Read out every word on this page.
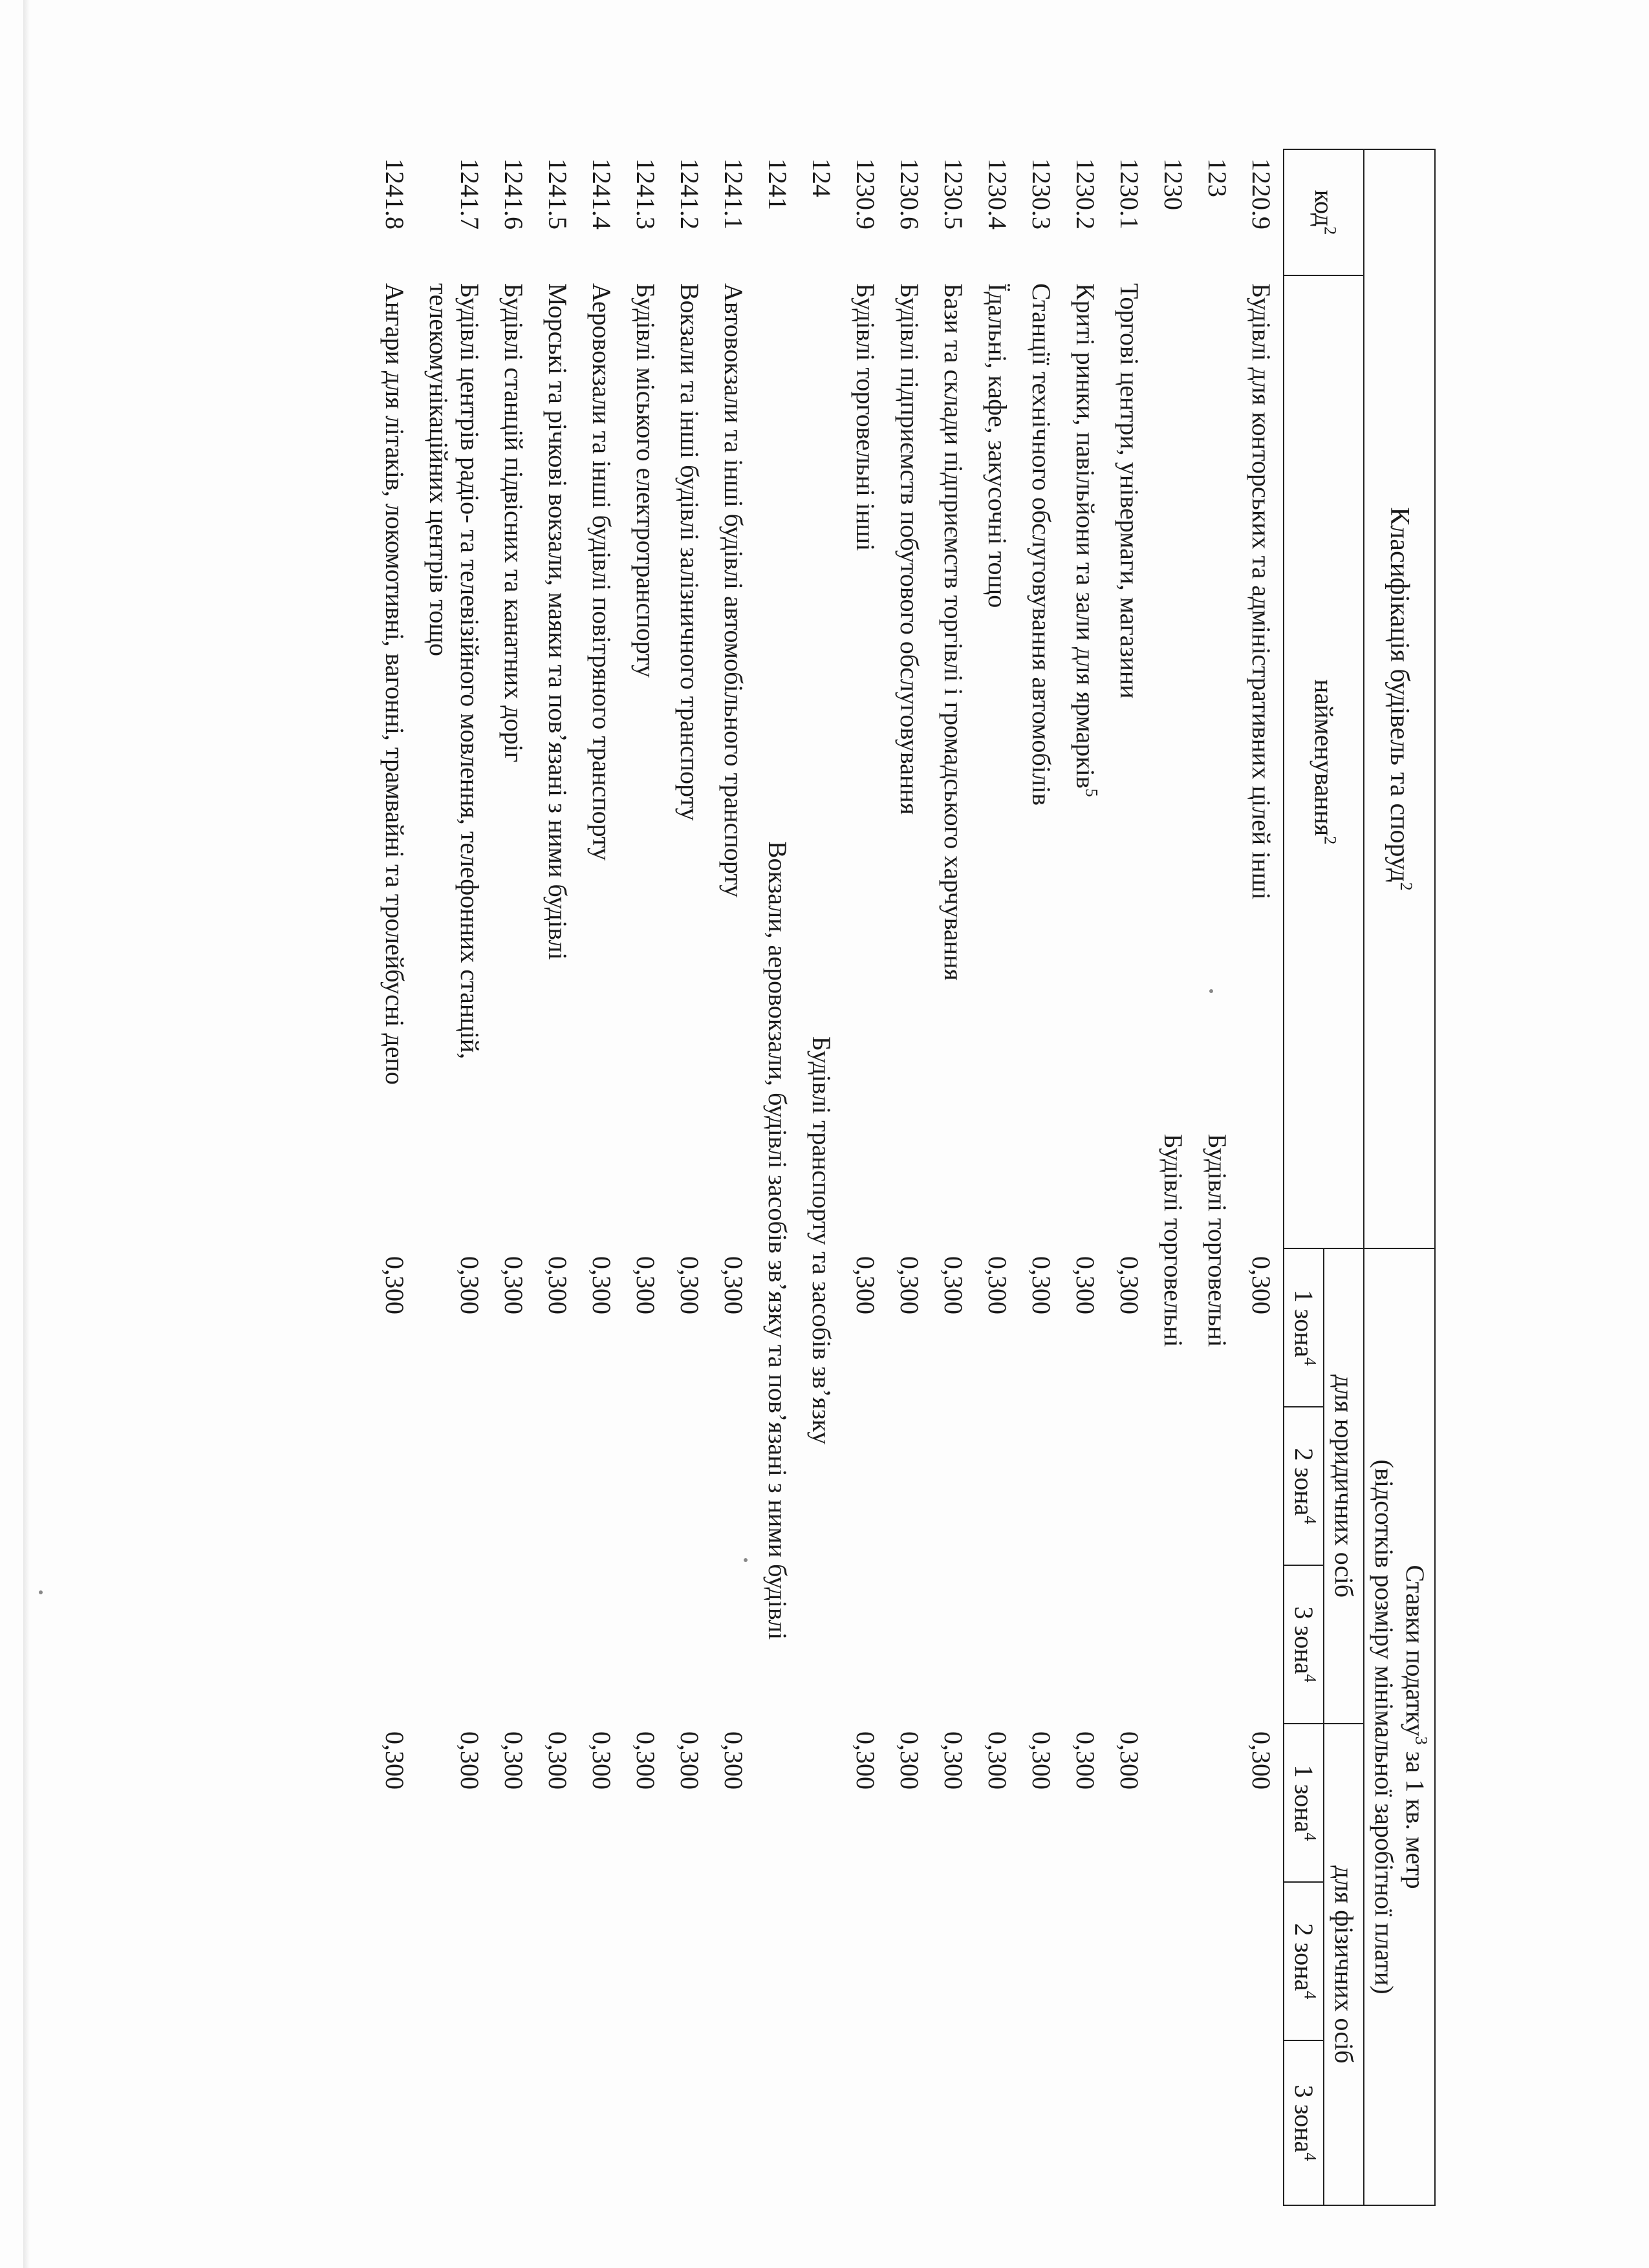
Класифікація будівель та споруд$^2$		Ставки податку$^3$ за 1 кв. метр
(відсотків розміру мінімальної заробітної плати)					

код$^2$	найменування$^2$	для юридичних осіб			для фізичних осіб		
		1 зона$^4$	2 зона$^4$	3 зона$^4$	1 зона$^4$	2 зона$^4$	3 зона$^4$
1220.9	Будівлі для конторських та адміністративних цілей інші	0,300			0,300		
123	Будівлі торговельні						
1230	Будівлі торговельні						
1230.1	Торгові центри, універмаги, магазини	0,300			0,300		
1230.2	Криті ринки, павільйони та зали для ярмарків$^5$	0,300			0,300		
1230.3	Станції технічного обслуговування автомобілів	0,300			0,300		
1230.4	Їдальні, кафе, закусочні тощо	0,300			0,300		
1230.5	Бази та склади підприємств торгівлі і громадського харчування	0,300			0,300		
1230.6	Будівлі підприємств побутового обслуговування	0,300			0,300		
1230.9	Будівлі торговельні інші	0,300			0,300		
124	Будівлі транспорту та засобів зв’язку						
1241	Вокзали, аеровокзали, будівлі засобів зв’язку та пов’язані з ними будівлі						
1241.1	Автовокзали та інші будівлі автомобільного транспорту	0,300			0,300		
1241.2	Вокзали та інші будівлі залізничного транспорту	0,300			0,300		
1241.3	Будівлі міського електротранспорту	0,300			0,300		
1241.4	Аеровокзали та інші будівлі повітряного транспорту	0,300			0,300		
1241.5	Морські та річкові вокзали, маяки та пов’язані з ними будівлі	0,300			0,300		
1241.6	Будівлі станцій підвісних та канатних доріг	0,300			0,300		
1241.7	Будівлі центрів радіо- та телевізійного мовлення, телефонних станцій, телекомунікаційних центрів тощо	0,300			0,300		
1241.8	Ангари для літаків, локомотивні, вагонні, трамвайні та тролейбусні депо	0,300			0,300		
